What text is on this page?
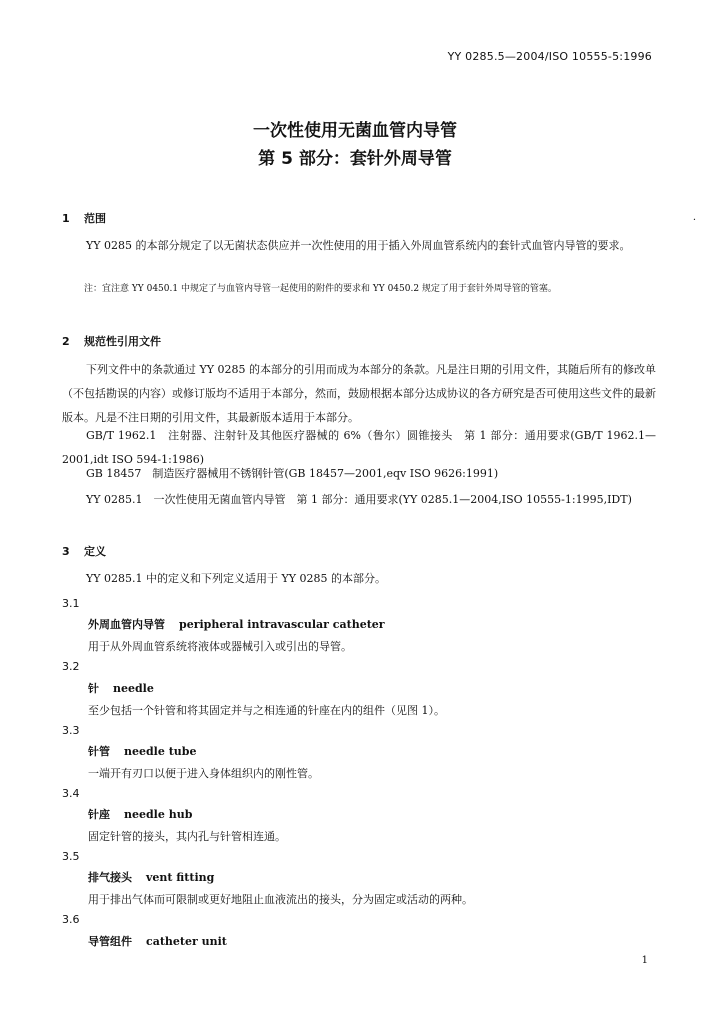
YY 0285.5—2004/ISO 10555-5:1996
一次性使用无菌血管内导管
第 5 部分：套针外周导管
·
1 范围
YY 0285 的本部分规定了以无菌状态供应并一次性使用的用于插入外周血管系统内的套针式血管内导管的要求。
注：宜注意 YY 0450.1 中规定了与血管内导管一起使用的附件的要求和 YY 0450.2 规定了用于套针外周导管的管塞。
2 规范性引用文件
下列文件中的条款通过 YY 0285 的本部分的引用而成为本部分的条款。凡是注日期的引用文件，其随后所有的修改单（不包括勘误的内容）或修订版均不适用于本部分，然而，鼓励根据本部分达成协议的各方研究是否可使用这些文件的最新版本。凡是不注日期的引用文件，其最新版本适用于本部分。
GB/T 1962.1　注射器、注射针及其他医疗器械的 6%（鲁尔）圆锥接头　第 1 部分：通用要求(GB/T 1962.1—2001,idt ISO 594-1:1986)
GB 18457　制造医疗器械用不锈钢针管(GB 18457—2001,eqv ISO 9626:1991)
YY 0285.1　一次性使用无菌血管内导管　第 1 部分：通用要求(YY 0285.1—2004,ISO 10555-1:1995,IDT)
3 定义
YY 0285.1 中的定义和下列定义适用于 YY 0285 的本部分。
3.1
外周血管内导管 peripheral intravascular catheter
用于从外周血管系统将液体或器械引入或引出的导管。
3.2
针 needle
至少包括一个针管和将其固定并与之相连通的针座在内的组件（见图 1）。
3.3
针管 needle tube
一端开有刃口以便于进入身体组织内的刚性管。
3.4
针座 needle hub
固定针管的接头，其内孔与针管相连通。
3.5
排气接头 vent fitting
用于排出气体而可限制或更好地阻止血液流出的接头，分为固定或活动的两种。
3.6
导管组件 catheter unit
1
